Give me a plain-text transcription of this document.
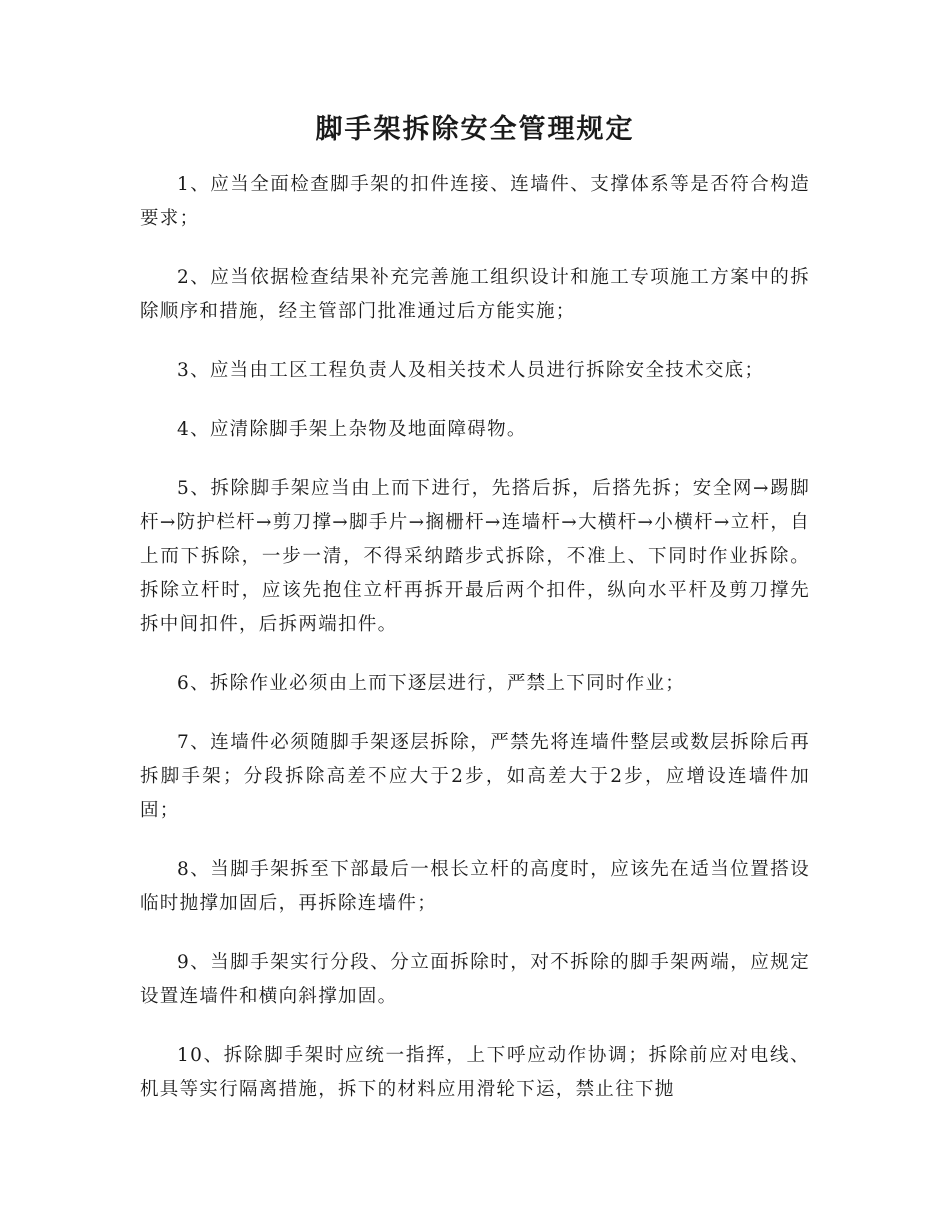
脚手架拆除安全管理规定

1、应当全面检查脚手架的扣件连接、连墙件、支撑体系等是否符合构造要求；

2、应当依据检查结果补充完善施工组织设计和施工专项施工方案中的拆除顺序和措施，经主管部门批准通过后方能实施；

3、应当由工区工程负责人及相关技术人员进行拆除安全技术交底；

4、应清除脚手架上杂物及地面障碍物。

5、拆除脚手架应当由上而下进行，先搭后拆，后搭先拆；安全网→踢脚杆→防护栏杆→剪刀撑→脚手片→搁栅杆→连墙杆→大横杆→小横杆→立杆，自上而下拆除，一步一清，不得采纳踏步式拆除，不准上、下同时作业拆除。拆除立杆时，应该先抱住立杆再拆开最后两个扣件，纵向水平杆及剪刀撑先拆中间扣件，后拆两端扣件。

6、拆除作业必须由上而下逐层进行，严禁上下同时作业；

7、连墙件必须随脚手架逐层拆除，严禁先将连墙件整层或数层拆除后再拆脚手架；分段拆除高差不应大于2步，如高差大于2步，应增设连墙件加固；

8、当脚手架拆至下部最后一根长立杆的高度时，应该先在适当位置搭设临时抛撑加固后，再拆除连墙件；

9、当脚手架实行分段、分立面拆除时，对不拆除的脚手架两端，应规定设置连墙件和横向斜撑加固。

10、拆除脚手架时应统一指挥，上下呼应动作协调；拆除前应对电线、机具等实行隔离措施，拆下的材料应用滑轮下运，禁止往下抛
